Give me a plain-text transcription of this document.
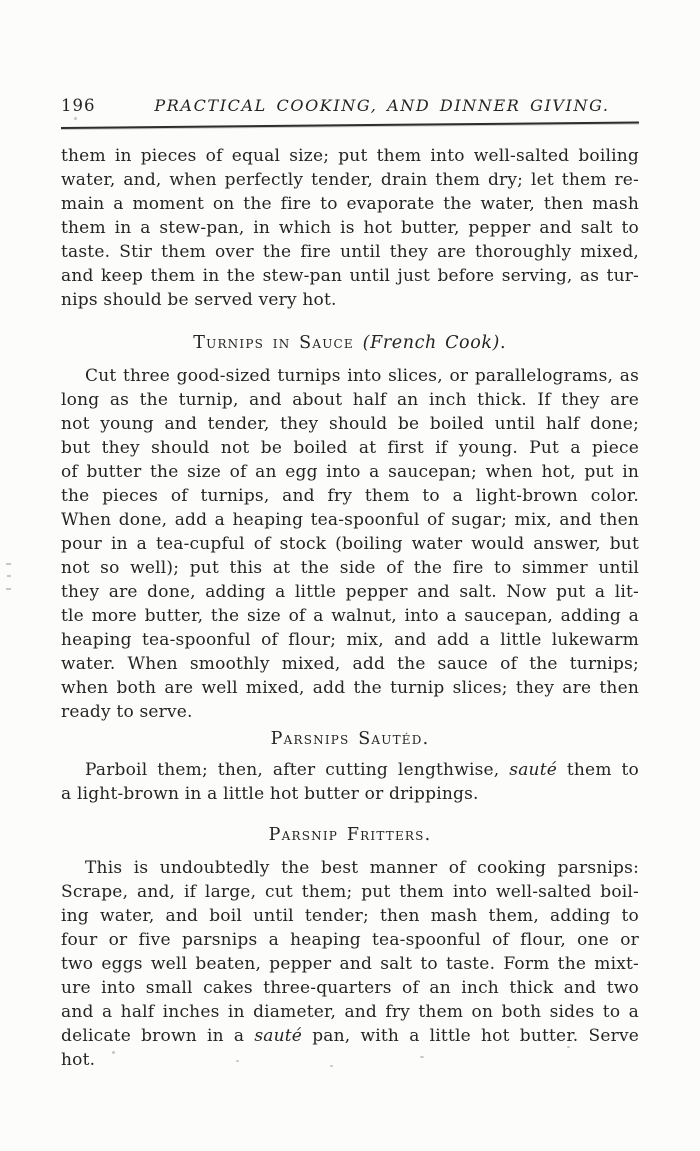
196	PRACTICAL COOKING, AND DINNER GIVING.
them in pieces of equal size; put them into well-salted boiling
water, and, when perfectly tender, drain them dry; let them re-
main a moment on the fire to evaporate the water, then mash
them in a stew-pan, in which is hot butter, pepper and salt to
taste. Stir them over the fire until they are thoroughly mixed,
and keep them in the stew-pan until just before serving, as tur-
nips should be served very hot.
Turnips in Sauce (French Cook).
Cut three good-sized turnips into slices, or parallelograms, as
long as the turnip, and about half an inch thick. If they are
not young and tender, they should be boiled until half done;
but they should not be boiled at first if young. Put a piece
of butter the size of an egg into a saucepan; when hot, put in
the pieces of turnips, and fry them to a light-brown color.
When done, add a heaping tea-spoonful of sugar; mix, and then
pour in a tea-cupful of stock (boiling water would answer, but
not so well); put this at the side of the fire to simmer until
they are done, adding a little pepper and salt. Now put a lit-
tle more butter, the size of a walnut, into a saucepan, adding a
heaping tea-spoonful of flour; mix, and add a little lukewarm
water. When smoothly mixed, add the sauce of the turnips;
when both are well mixed, add the turnip slices; they are then
ready to serve.
Parsnips Sautéd.
Parboil them; then, after cutting lengthwise, sauté them to
a light-brown in a little hot butter or drippings.
Parsnip Fritters.
This is undoubtedly the best manner of cooking parsnips:
Scrape, and, if large, cut them; put them into well-salted boil-
ing water, and boil until tender; then mash them, adding to
four or five parsnips a heaping tea-spoonful of flour, one or
two eggs well beaten, pepper and salt to taste. Form the mixt-
ure into small cakes three-quarters of an inch thick and two
and a half inches in diameter, and fry them on both sides to a
delicate brown in a sauté pan, with a little hot butter. Serve
hot.
